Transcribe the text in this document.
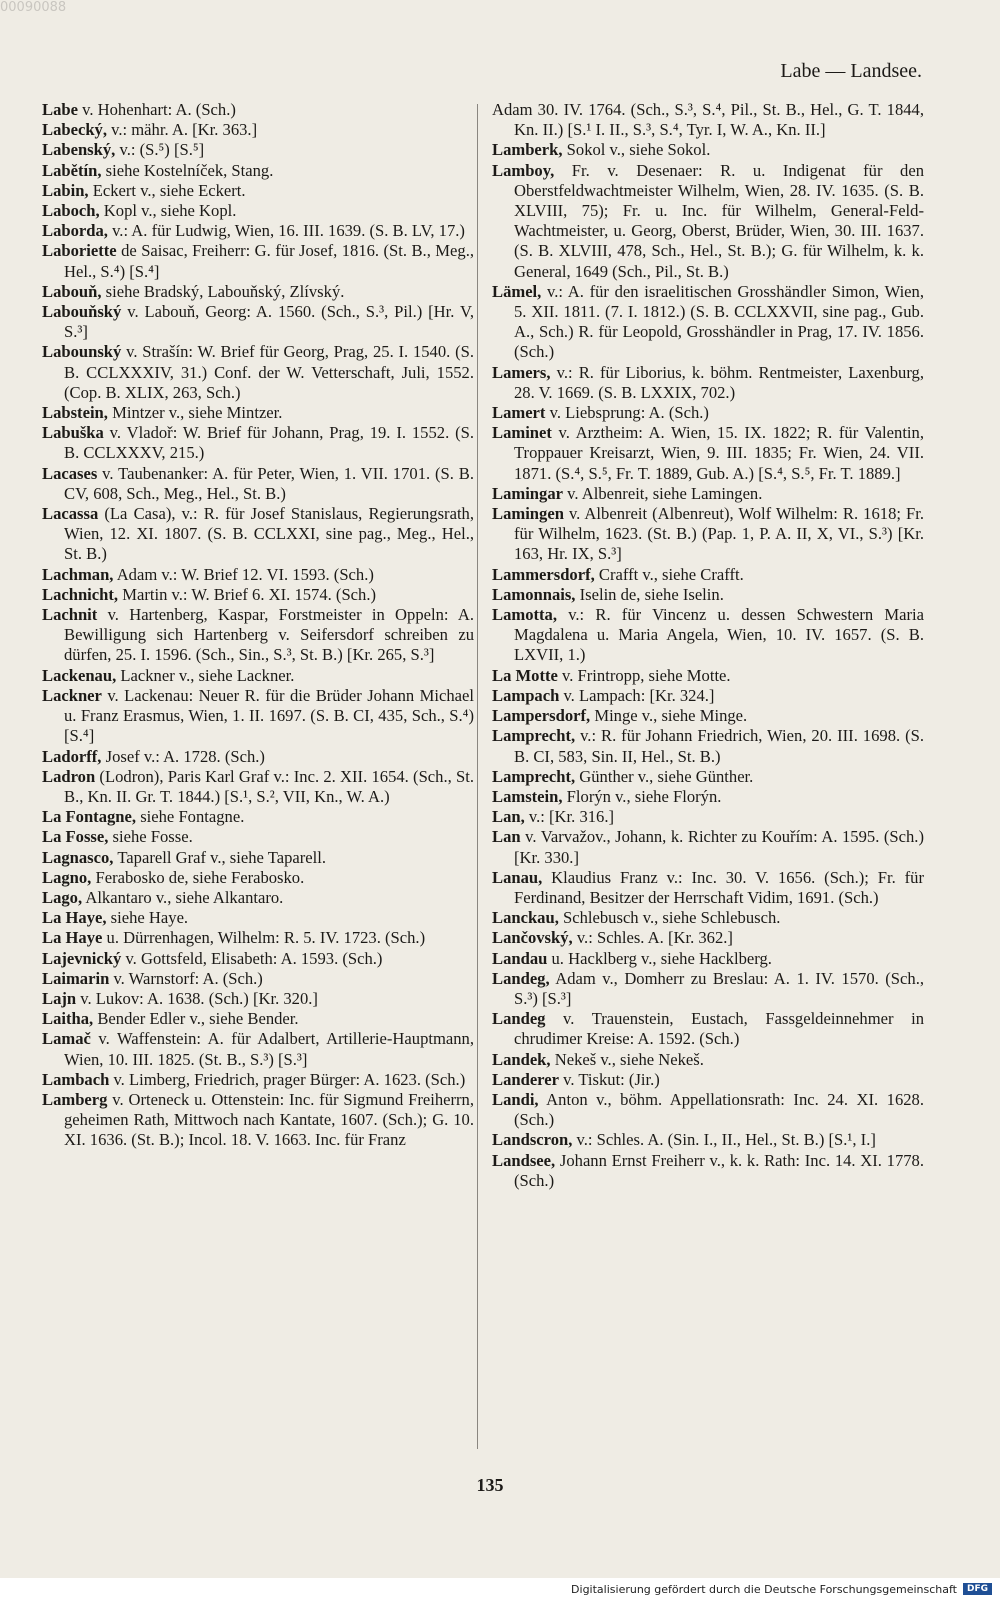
00090088
Labe — Landsee.

Labe v. Hohenhart: A. (Sch.)

Labecký, v.: mähr. A. [Kr. 363.]

Labenský, v.: (S.⁵) [S.⁵]

Labětín, siehe Kostelníček, Stang.

Labin, Eckert v., siehe Eckert.

Laboch, Kopl v., siehe Kopl.

Laborda, v.: A. für Ludwig, Wien, 16. III. 1639. (S. B. LV, 17.)

Laboriette de Saisac, Freiherr: G. für Josef, 1816. (St. B., Meg., Hel., S.⁴) [S.⁴]

Labouň, siehe Bradský, Labouňský, Zlívský.

Labouňský v. Labouň, Georg: A. 1560. (Sch., S.³, Pil.) [Hr. V, S.³]

Labounský v. Strašín: W. Brief für Georg, Prag, 25. I. 1540. (S. B. CCLXXXIV, 31.) Conf. der W. Vetterschaft, Juli, 1552. (Cop. B. XLIX, 263, Sch.)

Labstein, Mintzer v., siehe Mintzer.

Labuška v. Vladoř: W. Brief für Johann, Prag, 19. I. 1552. (S. B. CCLXXXV, 215.)

Lacases v. Taubenanker: A. für Peter, Wien, 1. VII. 1701. (S. B. CV, 608, Sch., Meg., Hel., St. B.)

Lacassa (La Casa), v.: R. für Josef Stanislaus, Regierungsrath, Wien, 12. XI. 1807. (S. B. CCLXXI, sine pag., Meg., Hel., St. B.)

Lachman, Adam v.: W. Brief 12. VI. 1593. (Sch.)

Lachnicht, Martin v.: W. Brief 6. XI. 1574. (Sch.)

Lachnit v. Hartenberg, Kaspar, Forstmeister in Oppeln: A. Bewilligung sich Hartenberg v. Seifersdorf schreiben zu dürfen, 25. I. 1596. (Sch., Sin., S.³, St. B.) [Kr. 265, S.³]

Lackenau, Lackner v., siehe Lackner.

Lackner v. Lackenau: Neuer R. für die Brüder Johann Michael u. Franz Erasmus, Wien, 1. II. 1697. (S. B. CI, 435, Sch., S.⁴) [S.⁴]

Ladorff, Josef v.: A. 1728. (Sch.)

Ladron (Lodron), Paris Karl Graf v.: Inc. 2. XII. 1654. (Sch., St. B., Kn. II. Gr. T. 1844.) [S.¹, S.², VII, Kn., W. A.)

La Fontagne, siehe Fontagne.

La Fosse, siehe Fosse.

Lagnasco, Taparell Graf v., siehe Taparell.

Lagno, Ferabosko de, siehe Ferabosko.

Lago, Alkantaro v., siehe Alkantaro.

La Haye, siehe Haye.

La Haye u. Dürrenhagen, Wilhelm: R. 5. IV. 1723. (Sch.)

Lajevnický v. Gottsfeld, Elisabeth: A. 1593. (Sch.)

Laimarin v. Warnstorf: A. (Sch.)

Lajn v. Lukov: A. 1638. (Sch.) [Kr. 320.]

Laitha, Bender Edler v., siehe Bender.

Lamač v. Waffenstein: A. für Adalbert, Artillerie-Hauptmann, Wien, 10. III. 1825. (St. B., S.³) [S.³]

Lambach v. Limberg, Friedrich, prager Bürger: A. 1623. (Sch.)

Lamberg v. Orteneck u. Ottenstein: Inc. für Sigmund Freiherrn, geheimen Rath, Mittwoch nach Kantate, 1607. (Sch.); G. 10. XI. 1636. (St. B.); Incol. 18. V. 1663. Inc. für Franz

Adam 30. IV. 1764. (Sch., S.³, S.⁴, Pil., St. B., Hel., G. T. 1844, Kn. II.) [S.¹ I. II., S.³, S.⁴, Tyr. I, W. A., Kn. II.]

Lamberk, Sokol v., siehe Sokol.

Lamboy, Fr. v. Desenaer: R. u. Indigenat für den Oberstfeldwachtmeister Wilhelm, Wien, 28. IV. 1635. (S. B. XLVIII, 75); Fr. u. Inc. für Wilhelm, General-Feld-Wachtmeister, u. Georg, Oberst, Brüder, Wien, 30. III. 1637. (S. B. XLVIII, 478, Sch., Hel., St. B.); G. für Wilhelm, k. k. General, 1649 (Sch., Pil., St. B.)

Lämel, v.: A. für den israelitischen Grosshändler Simon, Wien, 5. XII. 1811. (7. I. 1812.) (S. B. CCLXXVII, sine pag., Gub. A., Sch.) R. für Leopold, Grosshändler in Prag, 17. IV. 1856. (Sch.)

Lamers, v.: R. für Liborius, k. böhm. Rentmeister, Laxenburg, 28. V. 1669. (S. B. LXXIX, 702.)

Lamert v. Liebsprung: A. (Sch.)

Laminet v. Arztheim: A. Wien, 15. IX. 1822; R. für Valentin, Troppauer Kreisarzt, Wien, 9. III. 1835; Fr. Wien, 24. VII. 1871. (S.⁴, S.⁵, Fr. T. 1889, Gub. A.) [S.⁴, S.⁵, Fr. T. 1889.]

Lamingar v. Albenreit, siehe Lamingen.

Lamingen v. Albenreit (Albenreut), Wolf Wilhelm: R. 1618; Fr. für Wilhelm, 1623. (St. B.) (Pap. 1, P. A. II, X, VI., S.³) [Kr. 163, Hr. IX, S.³]

Lammersdorf, Crafft v., siehe Crafft.

Lamonnais, Iselin de, siehe Iselin.

Lamotta, v.: R. für Vincenz u. dessen Schwestern Maria Magdalena u. Maria Angela, Wien, 10. IV. 1657. (S. B. LXVII, 1.)

La Motte v. Frintropp, siehe Motte.

Lampach v. Lampach: [Kr. 324.]

Lampersdorf, Minge v., siehe Minge.

Lamprecht, v.: R. für Johann Friedrich, Wien, 20. III. 1698. (S. B. CI, 583, Sin. II, Hel., St. B.)

Lamprecht, Günther v., siehe Günther.

Lamstein, Florýn v., siehe Florýn.

Lan, v.: [Kr. 316.]

Lan v. Varvažov., Johann, k. Richter zu Kouřím: A. 1595. (Sch.) [Kr. 330.]

Lanau, Klaudius Franz v.: Inc. 30. V. 1656. (Sch.); Fr. für Ferdinand, Besitzer der Herrschaft Vidim, 1691. (Sch.)

Lanckau, Schlebusch v., siehe Schlebusch.

Lančovský, v.: Schles. A. [Kr. 362.]

Landau u. Hacklberg v., siehe Hacklberg.

Landeg, Adam v., Domherr zu Breslau: A. 1. IV. 1570. (Sch., S.³) [S.³]

Landeg v. Trauenstein, Eustach, Fassgeldeinnehmer in chrudimer Kreise: A. 1592. (Sch.)

Landek, Nekeš v., siehe Nekeš.

Landerer v. Tiskut: (Jir.)

Landi, Anton v., böhm. Appellationsrath: Inc. 24. XI. 1628. (Sch.)

Landscron, v.: Schles. A. (Sin. I., II., Hel., St. B.) [S.¹, I.]

Landsee, Johann Ernst Freiherr v., k. k. Rath: Inc. 14. XI. 1778. (Sch.)

135
Digitalisierung gefördert durch die Deutsche Forschungsgemeinschaft	DFG
